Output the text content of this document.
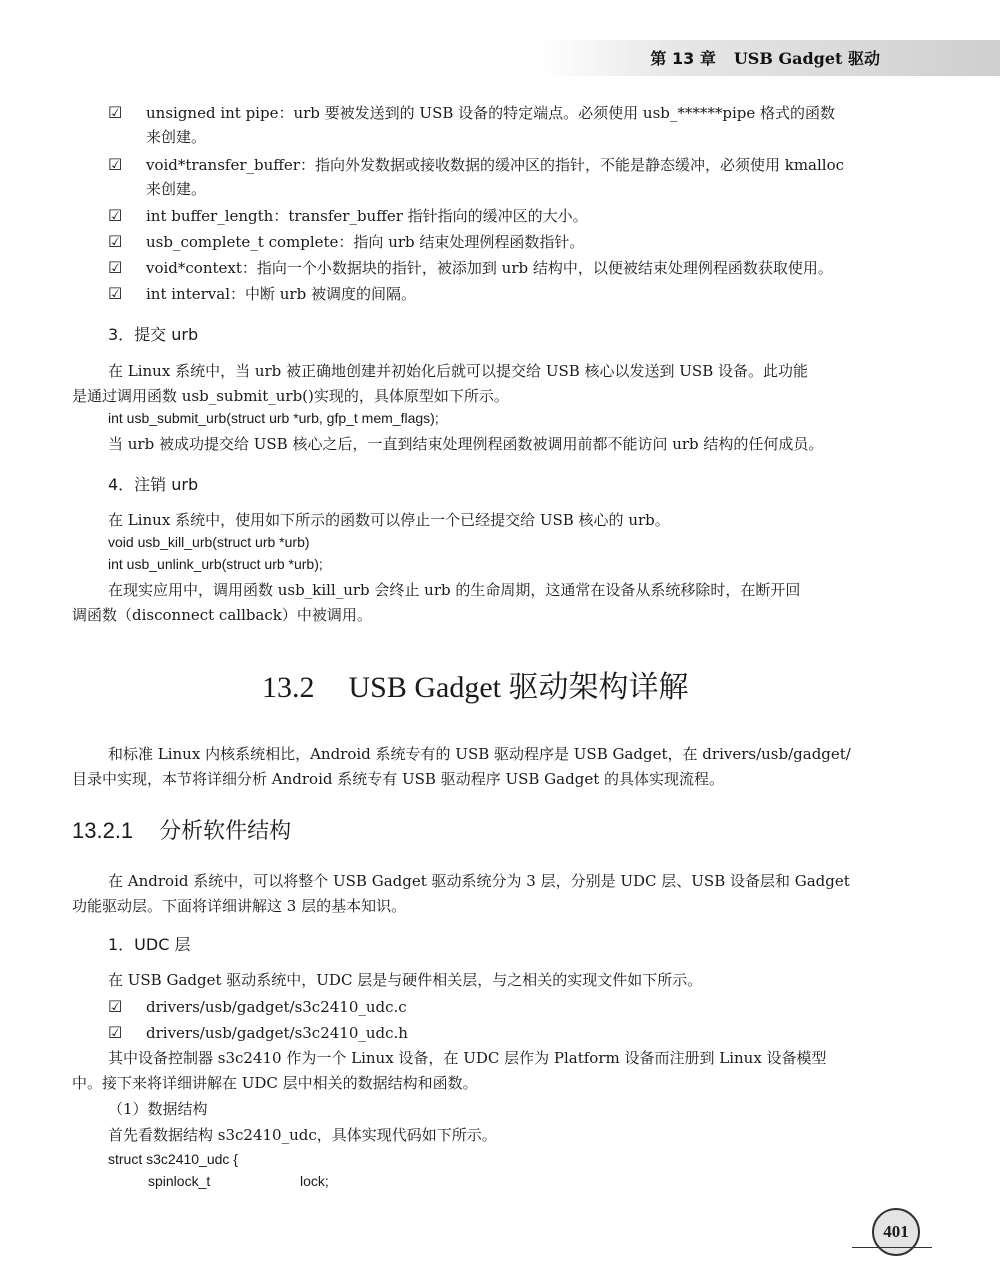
第 13 章 USB Gadget 驱动
☑ unsigned int pipe：urb 要被发送到的 USB 设备的特定端点。必须使用 usb_******pipe 格式的函数
来创建。
☑ void*transfer_buffer：指向外发数据或接收数据的缓冲区的指针，不能是静态缓冲，必须使用 kmalloc
来创建。
☑ int buffer_length：transfer_buffer 指针指向的缓冲区的大小。
☑ usb_complete_t complete：指向 urb 结束处理例程函数指针。
☑ void*context：指向一个小数据块的指针，被添加到 urb 结构中，以便被结束处理例程函数获取使用。
☑ int interval：中断 urb 被调度的间隔。
3．提交 urb
在 Linux 系统中，当 urb 被正确地创建并初始化后就可以提交给 USB 核心以发送到 USB 设备。此功能
是通过调用函数 usb_submit_urb()实现的，具体原型如下所示。
int usb_submit_urb(struct urb *urb, gfp_t mem_flags);
当 urb 被成功提交给 USB 核心之后，一直到结束处理例程函数被调用前都不能访问 urb 结构的任何成员。
4．注销 urb
在 Linux 系统中，使用如下所示的函数可以停止一个已经提交给 USB 核心的 urb。
void usb_kill_urb(struct urb *urb)
int usb_unlink_urb(struct urb *urb);
在现实应用中，调用函数 usb_kill_urb 会终止 urb 的生命周期，这通常在设备从系统移除时，在断开回
调函数（disconnect callback）中被调用。
13.2 USB Gadget 驱动架构详解
和标准 Linux 内核系统相比，Android 系统专有的 USB 驱动程序是 USB Gadget，在 drivers/usb/gadget/
目录中实现，本节将详细分析 Android 系统专有 USB 驱动程序 USB Gadget 的具体实现流程。
13.2.1 分析软件结构
在 Android 系统中，可以将整个 USB Gadget 驱动系统分为 3 层，分别是 UDC 层、USB 设备层和 Gadget
功能驱动层。下面将详细讲解这 3 层的基本知识。
1．UDC 层
在 USB Gadget 驱动系统中，UDC 层是与硬件相关层，与之相关的实现文件如下所示。
☑ drivers/usb/gadget/s3c2410_udc.c
☑ drivers/usb/gadget/s3c2410_udc.h
其中设备控制器 s3c2410 作为一个 Linux 设备，在 UDC 层作为 Platform 设备而注册到 Linux 设备模型
中。接下来将详细讲解在 UDC 层中相关的数据结构和函数。
（1）数据结构
首先看数据结构 s3c2410_udc，具体实现代码如下所示。
struct s3c2410_udc {
spinlock_t	lock;
401
